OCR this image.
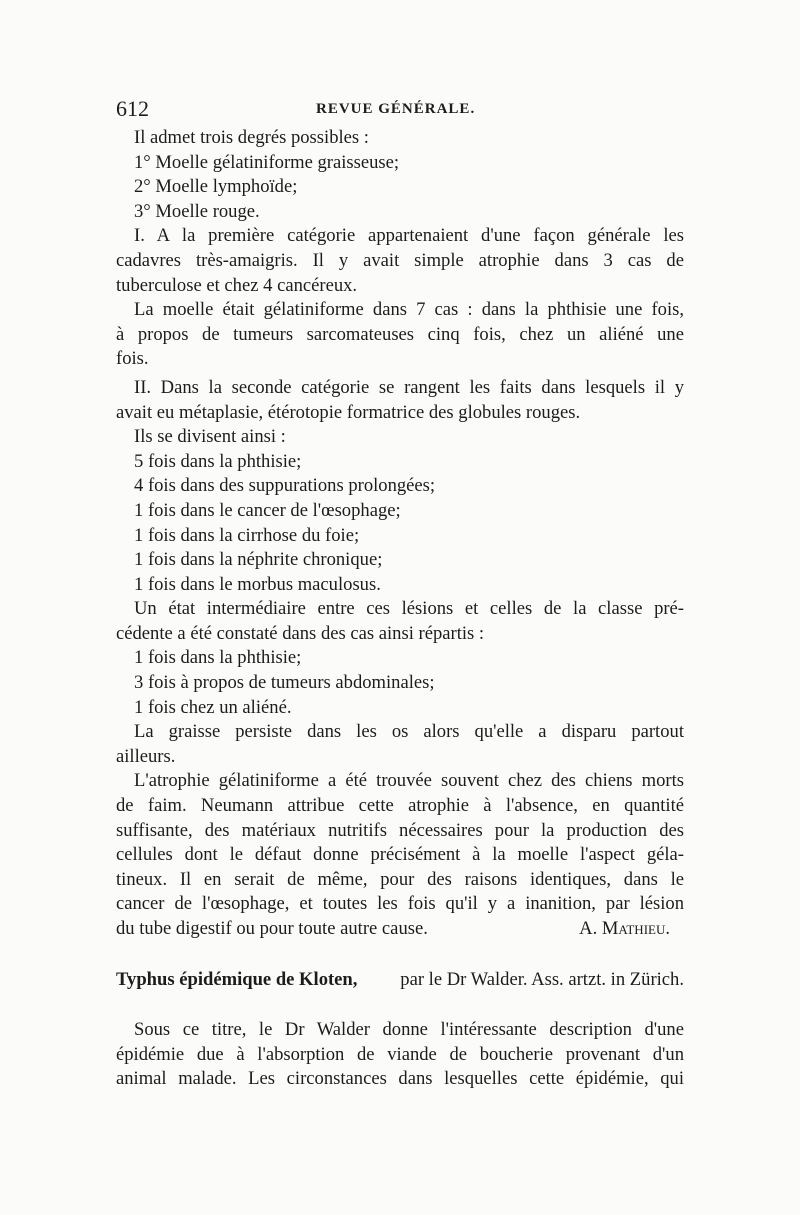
612	REVUE GÉNÉRALE.
Il admet trois degrés possibles :
1° Moelle gélatiniforme graisseuse;
2° Moelle lymphoïde;
3° Moelle rouge.
I. A la première catégorie appartenaient d'une façon générale les
cadavres très-amaigris. Il y avait simple atrophie dans 3 cas de
tuberculose et chez 4 cancéreux.
La moelle était gélatiniforme dans 7 cas : dans la phthisie une fois,
à propos de tumeurs sarcomateuses cinq fois, chez un aliéné une
fois.
II. Dans la seconde catégorie se rangent les faits dans lesquels il y
avait eu métaplasie, étérotopie formatrice des globules rouges.
Ils se divisent ainsi :
5 fois dans la phthisie;
4 fois dans des suppurations prolongées;
1 fois dans le cancer de l'œsophage;
1 fois dans la cirrhose du foie;
1 fois dans la néphrite chronique;
1 fois dans le morbus maculosus.
Un état intermédiaire entre ces lésions et celles de la classe pré-
cédente a été constaté dans des cas ainsi répartis :
1 fois dans la phthisie;
3 fois à propos de tumeurs abdominales;
1 fois chez un aliéné.
La graisse persiste dans les os alors qu'elle a disparu partout
ailleurs.
L'atrophie gélatiniforme a été trouvée souvent chez des chiens morts
de faim. Neumann attribue cette atrophie à l'absence, en quantité
suffisante, des matériaux nutritifs nécessaires pour la production des
cellules dont le défaut donne précisément à la moelle l'aspect géla-
tineux. Il en serait de même, pour des raisons identiques, dans le
cancer de l'œsophage, et toutes les fois qu'il y a inanition, par lésion
du tube digestif ou pour toute autre cause.	A. Mathieu.
Typhus épidémique de Kloten, par le Dr Walder. Ass. artzt. in Zürich.
Sous ce titre, le Dr Walder donne l'intéressante description d'une
épidémie due à l'absorption de viande de boucherie provenant d'un
animal malade. Les circonstances dans lesquelles cette épidémie, qui
